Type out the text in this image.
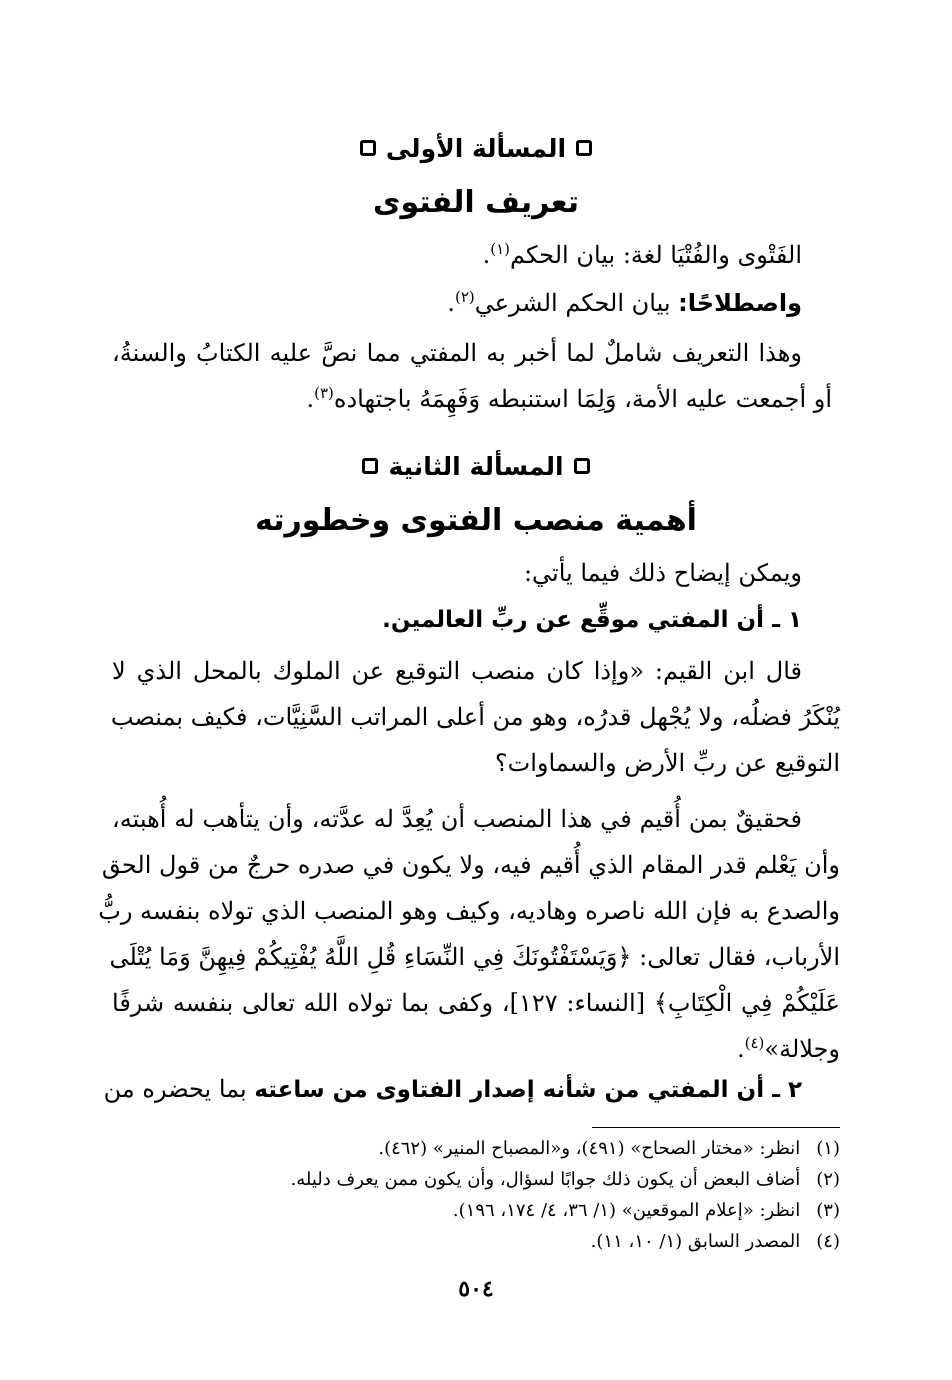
المسألة الأولى
تعريف الفتوى
الفَتْوى والفُتْيَا لغة: بيان الحكم$^{(١)}$.
واصطلاحًا: بيان الحكم الشرعي$^{(٢)}$.
وهذا التعريف شاملٌ لما أخبر به المفتي مما نصَّ عليه الكتابُ والسنةُ،
أو أجمعت عليه الأمة، وَلِمَا استنبطه وَفَهِمَهُ باجتهاده$^{(٣)}$.
المسألة الثانية
أهمية منصب الفتوى وخطورته
ويمكن إيضاح ذلك فيما يأتي:
١ ـ أن المفتي موقِّع عن ربِّ العالمين.
قال ابن القيم: «وإذا كان منصب التوقيع عن الملوك بالمحل الذي لا
يُنْكَرُ فضلُه، ولا يُجْهل قدرُه، وهو من أعلى المراتب السَّنِيَّات، فكيف بمنصب
التوقيع عن ربِّ الأرض والسماوات؟
فحقيقٌ بمن أُقيم في هذا المنصب أن يُعِدَّ له عدَّته، وأن يتأهب له أُهبته،
وأن يَعْلم قدر المقام الذي أُقيم فيه، ولا يكون في صدره حرجٌ من قول الحق
والصدع به فإن الله ناصره وهاديه، وكيف وهو المنصب الذي تولاه بنفسه ربُّ
الأرباب، فقال تعالى: ﴿وَيَسْتَفْتُونَكَ فِي النِّسَاءِ قُلِ اللَّهُ يُفْتِيكُمْ فِيهِنَّ وَمَا يُتْلَى
عَلَيْكُمْ فِي الْكِتَابِ﴾ [النساء: ١٢٧]، وكفى بما تولاه الله تعالى بنفسه شرفًا
وجلالة»$^{(٤)}$.
٢ ـ أن المفتي من شأنه إصدار الفتاوى من ساعته بما يحضره من
(١) انظر: «مختار الصحاح» (٤٩١)، و«المصباح المنير» (٤٦٢).
(٢) أضاف البعض أن يكون ذلك جوابًا لسؤال، وأن يكون ممن يعرف دليله.
(٣) انظر: «إعلام الموقعين» (١/ ٣٦، ٤/ ١٧٤، ١٩٦).
(٤) المصدر السابق (١/ ١٠، ١١).
٥٠٤
